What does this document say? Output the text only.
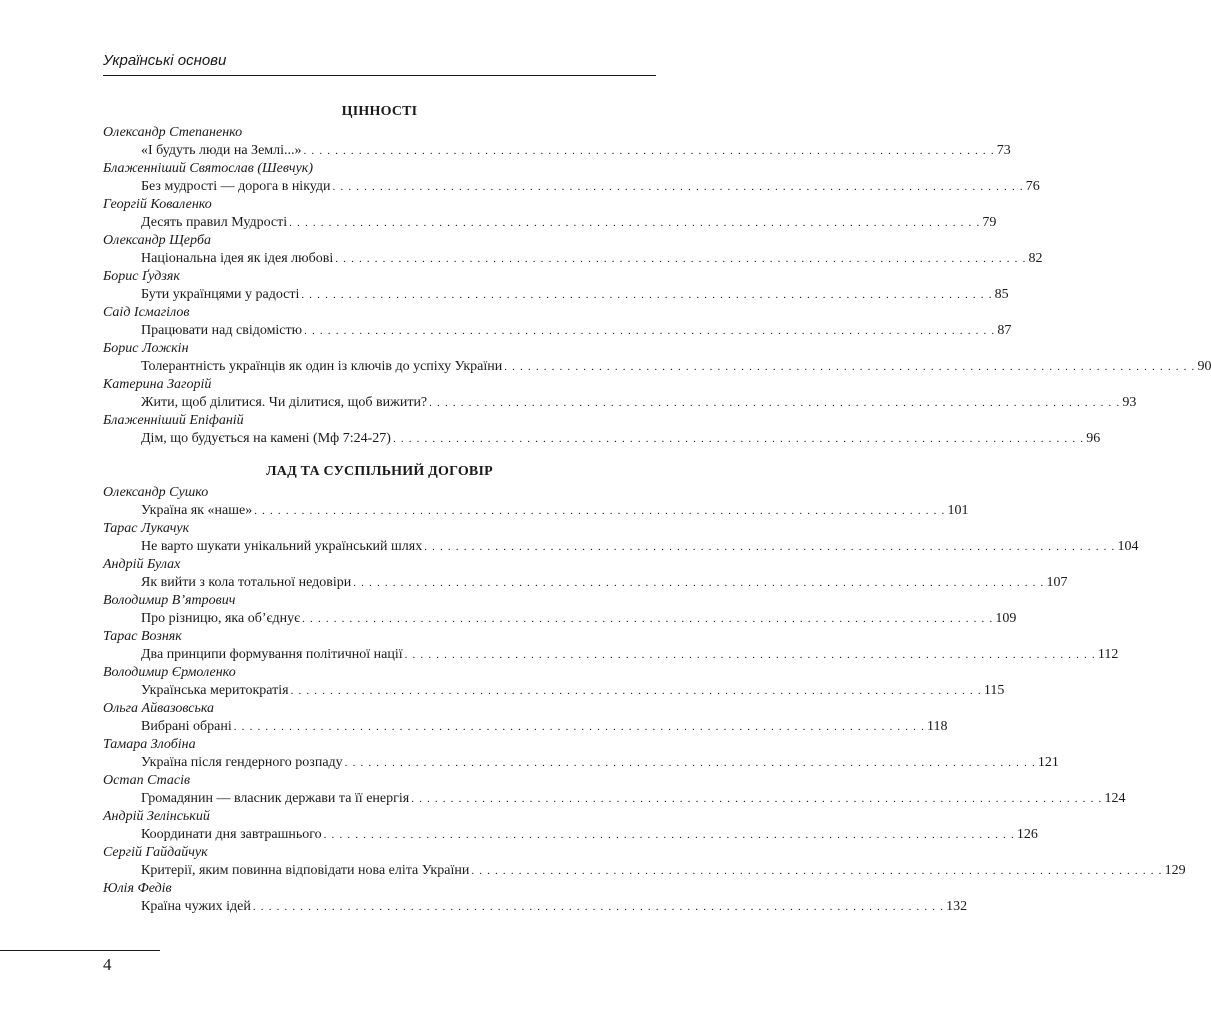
Українські основи
ЦІННОСТІ
Олександр Степаненко
«І будуть люди на Землі...» . . . . . . . . . . . . . . . . . . . . . . . . . . . . . . . . . . . . . . . . . . . . . . . . . . . . . . . . . . . . . . . . . . . . . . . . . . . . . . . . . . . . . . . . 73
Блаженніший Святослав (Шевчук)
Без мудрості — дорога в нікуди . . . . . . . . . . . . . . . . . . . . . . . . . . . . . . . . . . . . . . . . . . . . . . . . . . . . . . . . . . . . . . . . . . . . . . . . . . . . . . . . . . . . . . . . 76
Георгій Коваленко
Десять правил Мудрості . . . . . . . . . . . . . . . . . . . . . . . . . . . . . . . . . . . . . . . . . . . . . . . . . . . . . . . . . . . . . . . . . . . . . . . . . . . . . . . . . . . . . . . . 79
Олександр Щерба
Національна ідея як ідея любові . . . . . . . . . . . . . . . . . . . . . . . . . . . . . . . . . . . . . . . . . . . . . . . . . . . . . . . . . . . . . . . . . . . . . . . . . . . . . . . . . . . . . . . . 82
Борис Ґудзяк
Бути українцями у радості . . . . . . . . . . . . . . . . . . . . . . . . . . . . . . . . . . . . . . . . . . . . . . . . . . . . . . . . . . . . . . . . . . . . . . . . . . . . . . . . . . . . . . . . 85
Саід Ісмагілов
Працювати над свідомістю . . . . . . . . . . . . . . . . . . . . . . . . . . . . . . . . . . . . . . . . . . . . . . . . . . . . . . . . . . . . . . . . . . . . . . . . . . . . . . . . . . . . . . . . 87
Борис Ложкін
Толерантність українців як один із ключів до успіху України . . . . . . . . . . . . . . . . . . . . . . . . . . . . . . . . . . . . . . . . . . . . . . . . . . . . . . . . . . . . . . . . . . . . . . . . . . . . . . . . . . . . . . . . 90
Катерина Загорій
Жити, щоб ділитися. Чи ділитися, щоб вижити? . . . . . . . . . . . . . . . . . . . . . . . . . . . . . . . . . . . . . . . . . . . . . . . . . . . . . . . . . . . . . . . . . . . . . . . . . . . . . . . . . . . . . . . . 93
Блаженніший Епіфаній
Дім, що будується на камені (Мф 7:24-27) . . . . . . . . . . . . . . . . . . . . . . . . . . . . . . . . . . . . . . . . . . . . . . . . . . . . . . . . . . . . . . . . . . . . . . . . . . . . . . . . . . . . . . . . 96
ЛАД ТА СУСПІЛЬНИЙ ДОГОВІР
Олександр Сушко
Україна як «наше» . . . . . . . . . . . . . . . . . . . . . . . . . . . . . . . . . . . . . . . . . . . . . . . . . . . . . . . . . . . . . . . . . . . . . . . . . . . . . . . . . . . . . . . . 101
Тарас Лукачук
Не варто шукати унікальний український шлях . . . . . . . . . . . . . . . . . . . . . . . . . . . . . . . . . . . . . . . . . . . . . . . . . . . . . . . . . . . . . . . . . . . . . . . . . . . . . . . . . . . . . . . . 104
Андрій Булах
Як вийти з кола тотальної недовіри . . . . . . . . . . . . . . . . . . . . . . . . . . . . . . . . . . . . . . . . . . . . . . . . . . . . . . . . . . . . . . . . . . . . . . . . . . . . . . . . . . . . . . . . 107
Володимир В’ятрович
Про різницю, яка об’єднує . . . . . . . . . . . . . . . . . . . . . . . . . . . . . . . . . . . . . . . . . . . . . . . . . . . . . . . . . . . . . . . . . . . . . . . . . . . . . . . . . . . . . . . . 109
Тарас Возняк
Два принципи формування політичної нації . . . . . . . . . . . . . . . . . . . . . . . . . . . . . . . . . . . . . . . . . . . . . . . . . . . . . . . . . . . . . . . . . . . . . . . . . . . . . . . . . . . . . . . . 112
Володимир Єрмоленко
Українська меритократія . . . . . . . . . . . . . . . . . . . . . . . . . . . . . . . . . . . . . . . . . . . . . . . . . . . . . . . . . . . . . . . . . . . . . . . . . . . . . . . . . . . . . . . . 115
Ольга Айвазовська
Вибрані обрані . . . . . . . . . . . . . . . . . . . . . . . . . . . . . . . . . . . . . . . . . . . . . . . . . . . . . . . . . . . . . . . . . . . . . . . . . . . . . . . . . . . . . . . . 118
Тамара Злобіна
Україна після гендерного розпаду . . . . . . . . . . . . . . . . . . . . . . . . . . . . . . . . . . . . . . . . . . . . . . . . . . . . . . . . . . . . . . . . . . . . . . . . . . . . . . . . . . . . . . . . 121
Остап Стасів
Громадянин — власник держави та її енергія . . . . . . . . . . . . . . . . . . . . . . . . . . . . . . . . . . . . . . . . . . . . . . . . . . . . . . . . . . . . . . . . . . . . . . . . . . . . . . . . . . . . . . . . 124
Андрій Зелінський
Координати дня завтрашнього . . . . . . . . . . . . . . . . . . . . . . . . . . . . . . . . . . . . . . . . . . . . . . . . . . . . . . . . . . . . . . . . . . . . . . . . . . . . . . . . . . . . . . . . 126
Сергій Гайдайчук
Критерії, яким повинна відповідати нова еліта України . . . . . . . . . . . . . . . . . . . . . . . . . . . . . . . . . . . . . . . . . . . . . . . . . . . . . . . . . . . . . . . . . . . . . . . . . . . . . . . . . . . . . . . . 129
Юлія Федів
Країна чужих ідей . . . . . . . . . . . . . . . . . . . . . . . . . . . . . . . . . . . . . . . . . . . . . . . . . . . . . . . . . . . . . . . . . . . . . . . . . . . . . . . . . . . . . . . . 132
4
